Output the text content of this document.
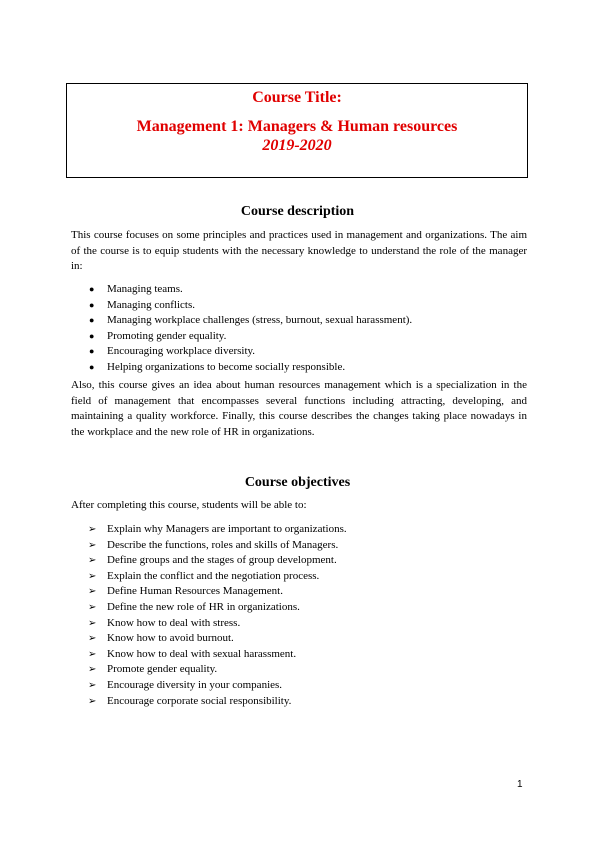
Course Title:
Management 1: Managers & Human resources
2019-2020
Course description

This course focuses on some principles and practices used in management and organizations. The aim of the course is to equip students with the necessary knowledge to understand the role of the manager in:

● Managing teams.
● Managing conflicts.
● Managing workplace challenges (stress, burnout, sexual harassment).
● Promoting gender equality.
● Encouraging workplace diversity.
● Helping organizations to become socially responsible.

Also, this course gives an idea about human resources management which is a specialization in the field of management that encompasses several functions including attracting, developing, and maintaining a quality workforce. Finally, this course describes the changes taking place nowadays in the workplace and the new role of HR in organizations.

Course objectives

After completing this course, students will be able to:

➢ Explain why Managers are important to organizations.
➢ Describe the functions, roles and skills of Managers.
➢ Define groups and the stages of group development.
➢ Explain the conflict and the negotiation process.
➢ Define Human Resources Management.
➢ Define the new role of HR in organizations.
➢ Know how to deal with stress.
➢ Know how to avoid burnout.
➢ Know how to deal with sexual harassment.
➢ Promote gender equality.
➢ Encourage diversity in your companies.
➢ Encourage corporate social responsibility.
1
